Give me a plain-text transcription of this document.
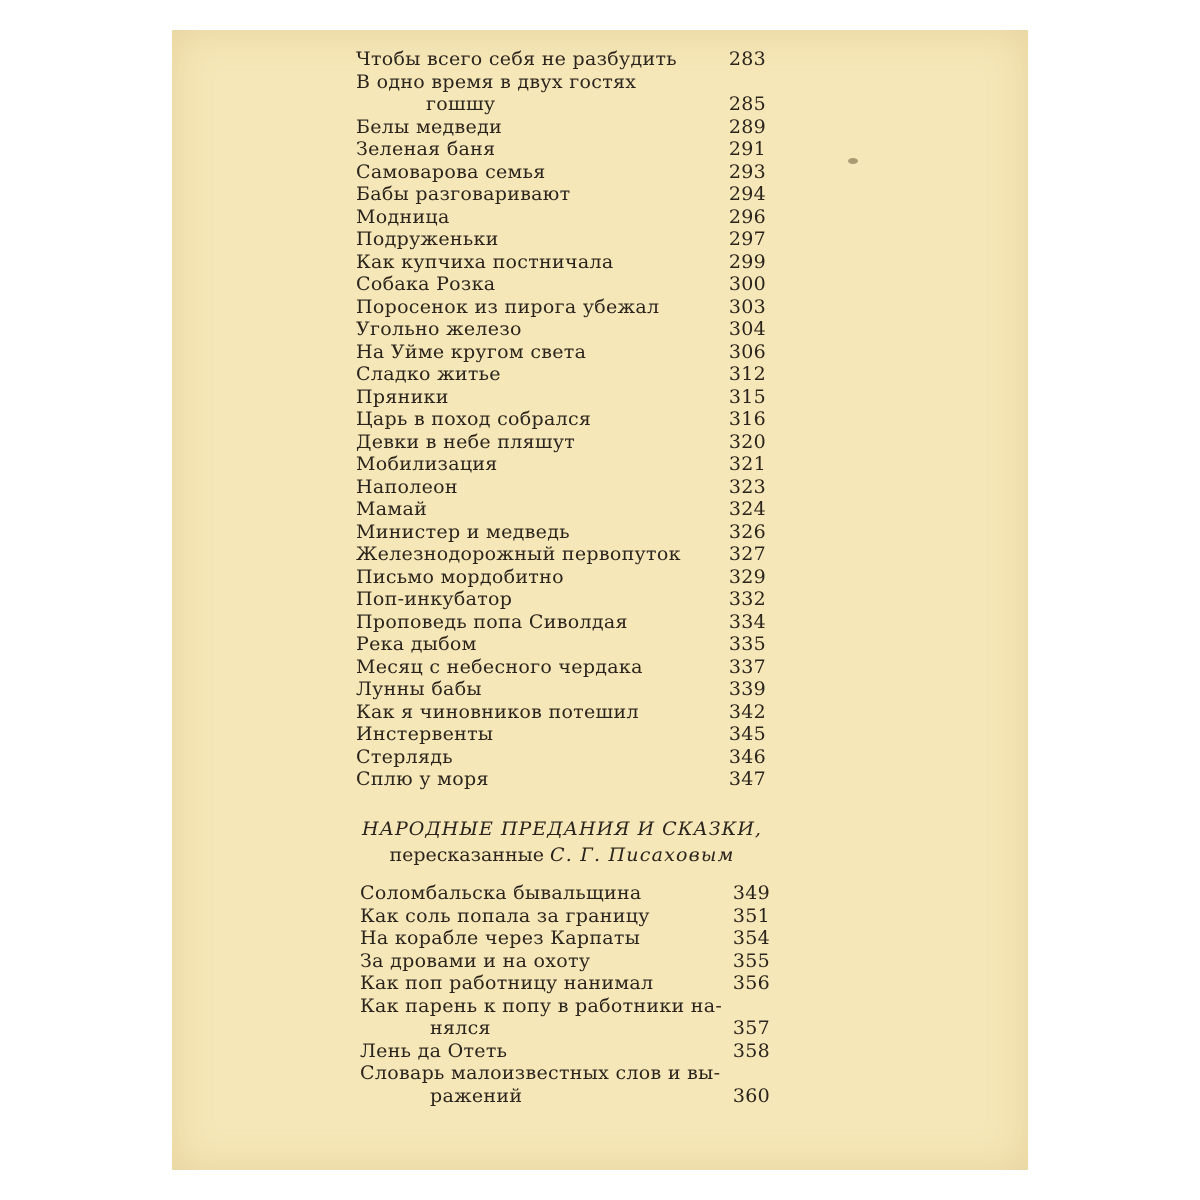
Чтобы всего себя не разбудить	283
В одно время в двух гостях
гошшу	285
Белы медведи	289
Зеленая баня	291
Самоварова семья	293
Бабы разговаривают	294
Модница	296
Подруженьки	297
Как купчиха постничала	299
Собака Розка	300
Поросенок из пирога убежал	303
Угольно железо	304
На Уйме кругом света	306
Сладко житье	312
Пряники	315
Царь в поход собрался	316
Девки в небе пляшут	320
Мобилизация	321
Наполеон	323
Мамай	324
Министер и медведь	326
Железнодорожный первопуток	327
Письмо мордобитно	329
Поп-инкубатор	332
Проповедь попа Сиволдая	334
Река дыбом	335
Месяц с небесного чердака	337
Лунны бабы	339
Как я чиновников потешил	342
Инстервенты	345
Стерлядь	346
Сплю у моря	347
НАРОДНЫЕ ПРЕДАНИЯ И СКАЗКИ,
пересказанные С. Г. Писаховым
Соломбальска бывальщина	349
Как соль попала за границу	351
На корабле через Карпаты	354
За дровами и на охоту	355
Как поп работницу нанимал	356
Как парень к попу в работники на-
нялся	357
Лень да Отеть	358
Словарь малоизвестных слов и вы-
ражений	360
